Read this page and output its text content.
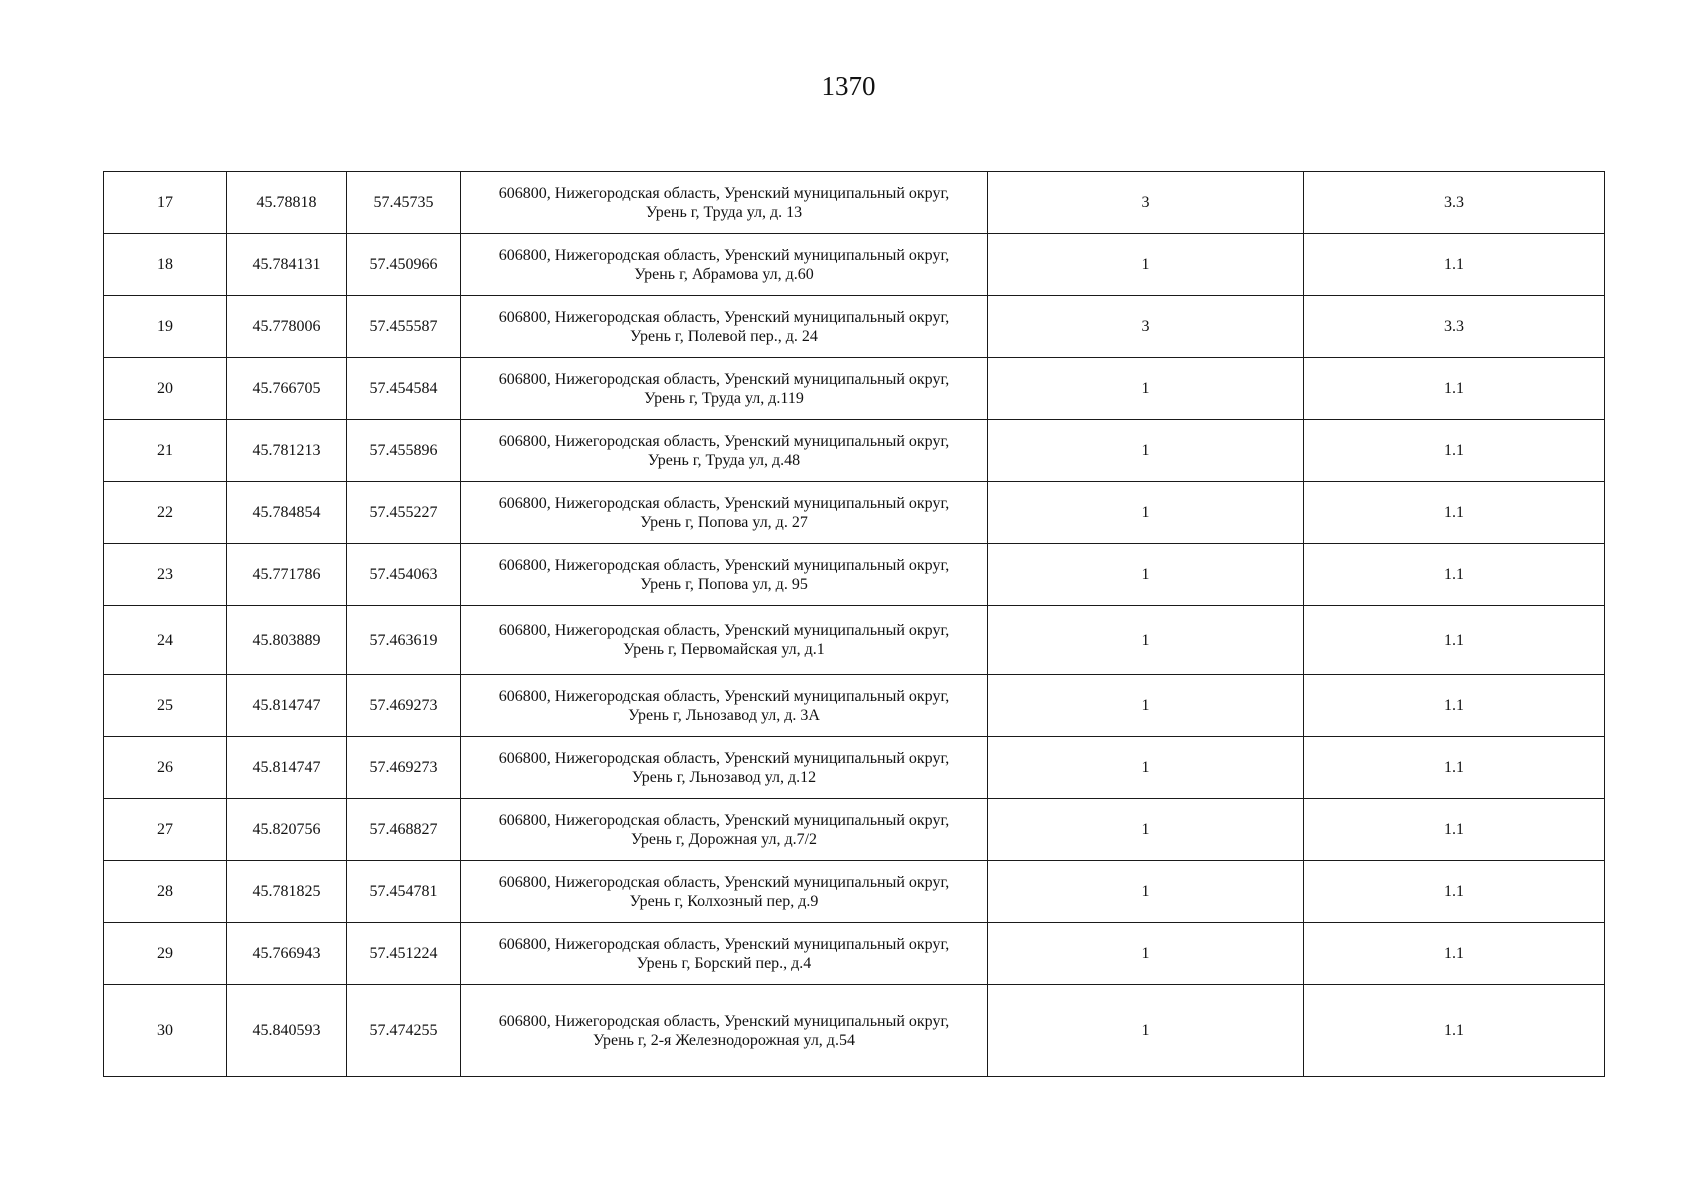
1370
17	45.78818	57.45735	606800, Нижегородская область, Уренский муниципальный округ,
Урень г, Труда ул, д. 13	3	3.3
18	45.784131	57.450966	606800, Нижегородская область, Уренский муниципальный округ,
Урень г, Абрамова ул, д.60	1	1.1
19	45.778006	57.455587	606800, Нижегородская область, Уренский муниципальный округ,
Урень г, Полевой пер., д. 24	3	3.3
20	45.766705	57.454584	606800, Нижегородская область, Уренский муниципальный округ,
Урень г, Труда ул, д.119	1	1.1
21	45.781213	57.455896	606800, Нижегородская область, Уренский муниципальный округ,
Урень г, Труда ул, д.48	1	1.1
22	45.784854	57.455227	606800, Нижегородская область, Уренский муниципальный округ,
Урень г, Попова ул, д. 27	1	1.1
23	45.771786	57.454063	606800, Нижегородская область, Уренский муниципальный округ,
Урень г, Попова ул, д. 95	1	1.1
24	45.803889	57.463619	606800, Нижегородская область, Уренский муниципальный округ,
Урень г, Первомайская ул, д.1	1	1.1
25	45.814747	57.469273	606800, Нижегородская область, Уренский муниципальный округ,
Урень г, Льнозавод ул, д. 3А	1	1.1
26	45.814747	57.469273	606800, Нижегородская область, Уренский муниципальный округ,
Урень г, Льнозавод ул, д.12	1	1.1
27	45.820756	57.468827	606800, Нижегородская область, Уренский муниципальный округ,
Урень г, Дорожная ул, д.7/2	1	1.1
28	45.781825	57.454781	606800, Нижегородская область, Уренский муниципальный округ,
Урень г, Колхозный пер, д.9	1	1.1
29	45.766943	57.451224	606800, Нижегородская область, Уренский муниципальный округ,
Урень г, Борский пер., д.4	1	1.1
30	45.840593	57.474255	606800, Нижегородская область, Уренский муниципальный округ,
Урень г, 2-я Железнодорожная ул, д.54	1	1.1
